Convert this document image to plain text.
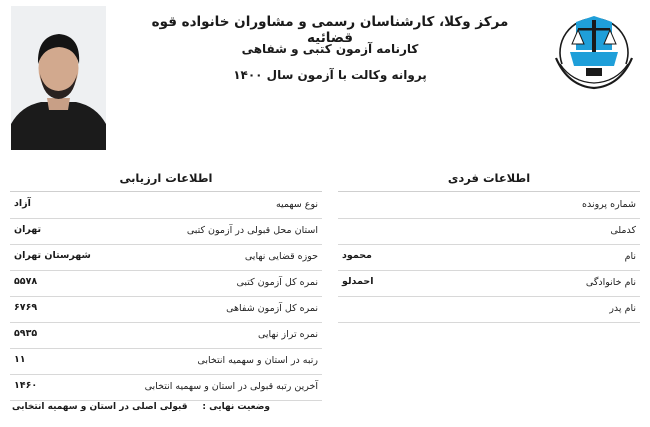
مرکز وکلا، کارشناسان رسمی و مشاوران خانواده قوه قضائیه
کارنامه آزمون کتبی و شفاهی
پروانه وکالت با آزمون سال ۱۴۰۰
اطلاعات ارزیابی	اطلاعات فردی
شماره پرونده
کدملی
نام
محمود
نام خانوادگی
احمدلو
نام پدر
نوع سهمیه
آزاد
استان محل قبولی در آزمون کتبی
تهران
حوزه قضایی نهایی
شهرستان تهران
نمره کل آزمون کتبی
۵۵۷۸
نمره کل آزمون شفاهی
۶۷۶۹
نمره تراز نهایی
۵۹۳۵
رتبه در استان و سهمیه انتخابی
۱۱
آخرین رتبه قبولی در استان و سهمیه انتخابی
۱۴۶۰
وضعیت نهایی :
قبولی اصلی در استان و سهمیه انتخابی
